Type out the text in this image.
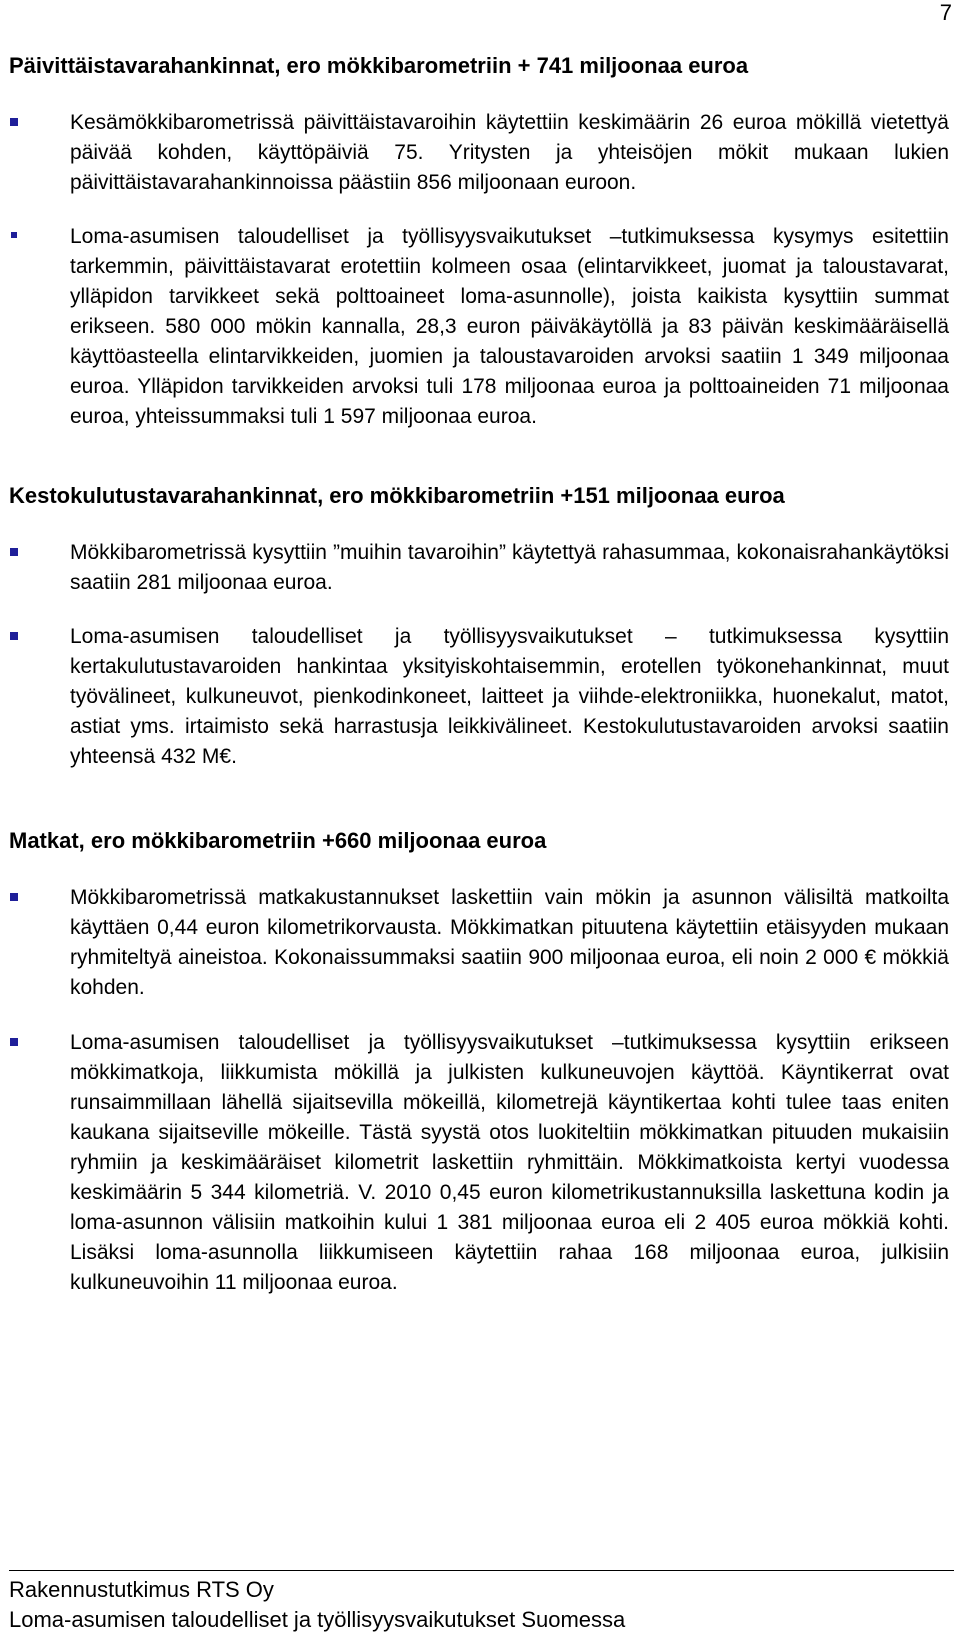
7
Päivittäistavarahankinnat, ero mökkibarometriin + 741 miljoonaa euroa

Kesämökkibarometrissä päivittäistavaroihin käytettiin keskimäärin 26 euroa mökillä vietettyä päivää kohden, käyttöpäiviä 75. Yritysten ja yhteisöjen mökit mukaan lukien päivittäistavarahankinnoissa päästiin 856 miljoonaan euroon.

Loma-asumisen taloudelliset ja työllisyysvaikutukset –tutkimuksessa kysymys esitettiin tarkemmin, päivittäistavarat erotettiin kolmeen osaa (elintarvikkeet, juomat ja taloustavarat, ylläpidon tarvikkeet sekä polttoaineet loma-asunnolle), joista kaikista kysyttiin summat erikseen. 580 000 mökin kannalla, 28,3 euron päiväkäytöllä ja 83 päivän keskimääräisellä käyttöasteella elintarvikkeiden, juomien ja taloustavaroiden arvoksi saatiin 1 349 miljoonaa euroa. Ylläpidon tarvikkeiden arvoksi tuli 178 miljoonaa euroa ja polttoaineiden 71 miljoonaa euroa, yhteissummaksi tuli 1 597 miljoonaa euroa.

Kestokulutustavarahankinnat, ero mökkibarometriin +151 miljoonaa euroa

Mökkibarometrissä kysyttiin ”muihin tavaroihin” käytettyä rahasummaa, kokonaisrahankäytöksi saatiin 281 miljoonaa euroa.

Loma-asumisen taloudelliset ja työllisyysvaikutukset – tutkimuksessa kysyttiin kertakulutustavaroiden hankintaa yksityiskohtaisemmin, erotellen työkonehankinnat, muut työvälineet, kulkuneuvot, pienkodinkoneet, laitteet ja viihde-elektroniikka, huonekalut, matot, astiat yms. irtaimisto sekä harrastusja leikkivälineet. Kestokulutustavaroiden arvoksi saatiin yhteensä 432 M€.

Matkat, ero mökkibarometriin +660 miljoonaa euroa

Mökkibarometrissä matkakustannukset laskettiin vain mökin ja asunnon välisiltä matkoilta käyttäen 0,44 euron kilometrikorvausta. Mökkimatkan pituutena käytettiin etäisyyden mukaan ryhmiteltyä aineistoa. Kokonaissummaksi saatiin 900 miljoonaa euroa, eli noin 2 000 € mökkiä kohden.

Loma-asumisen taloudelliset ja työllisyysvaikutukset –tutkimuksessa kysyttiin erikseen mökkimatkoja, liikkumista mökillä ja julkisten kulkuneuvojen käyttöä. Käyntikerrat ovat runsaimmillaan lähellä sijaitsevilla mökeillä, kilometrejä käyntikertaa kohti tulee taas eniten kaukana sijaitseville mökeille. Tästä syystä otos luokiteltiin mökkimatkan pituuden mukaisiin ryhmiin ja keskimääräiset kilometrit laskettiin ryhmittäin. Mökkimatkoista kertyi vuodessa keskimäärin 5 344 kilometriä. V. 2010 0,45 euron kilometrikustannuksilla laskettuna kodin ja loma-asunnon välisiin matkoihin kului 1 381 miljoonaa euroa eli 2 405 euroa mökkiä kohti. Lisäksi loma-asunnolla liikkumiseen käytettiin rahaa 168 miljoonaa euroa, julkisiin kulkuneuvoihin 11 miljoonaa euroa.

Rakennustutkimus RTS Oy
Loma-asumisen taloudelliset ja työllisyysvaikutukset Suomessa
